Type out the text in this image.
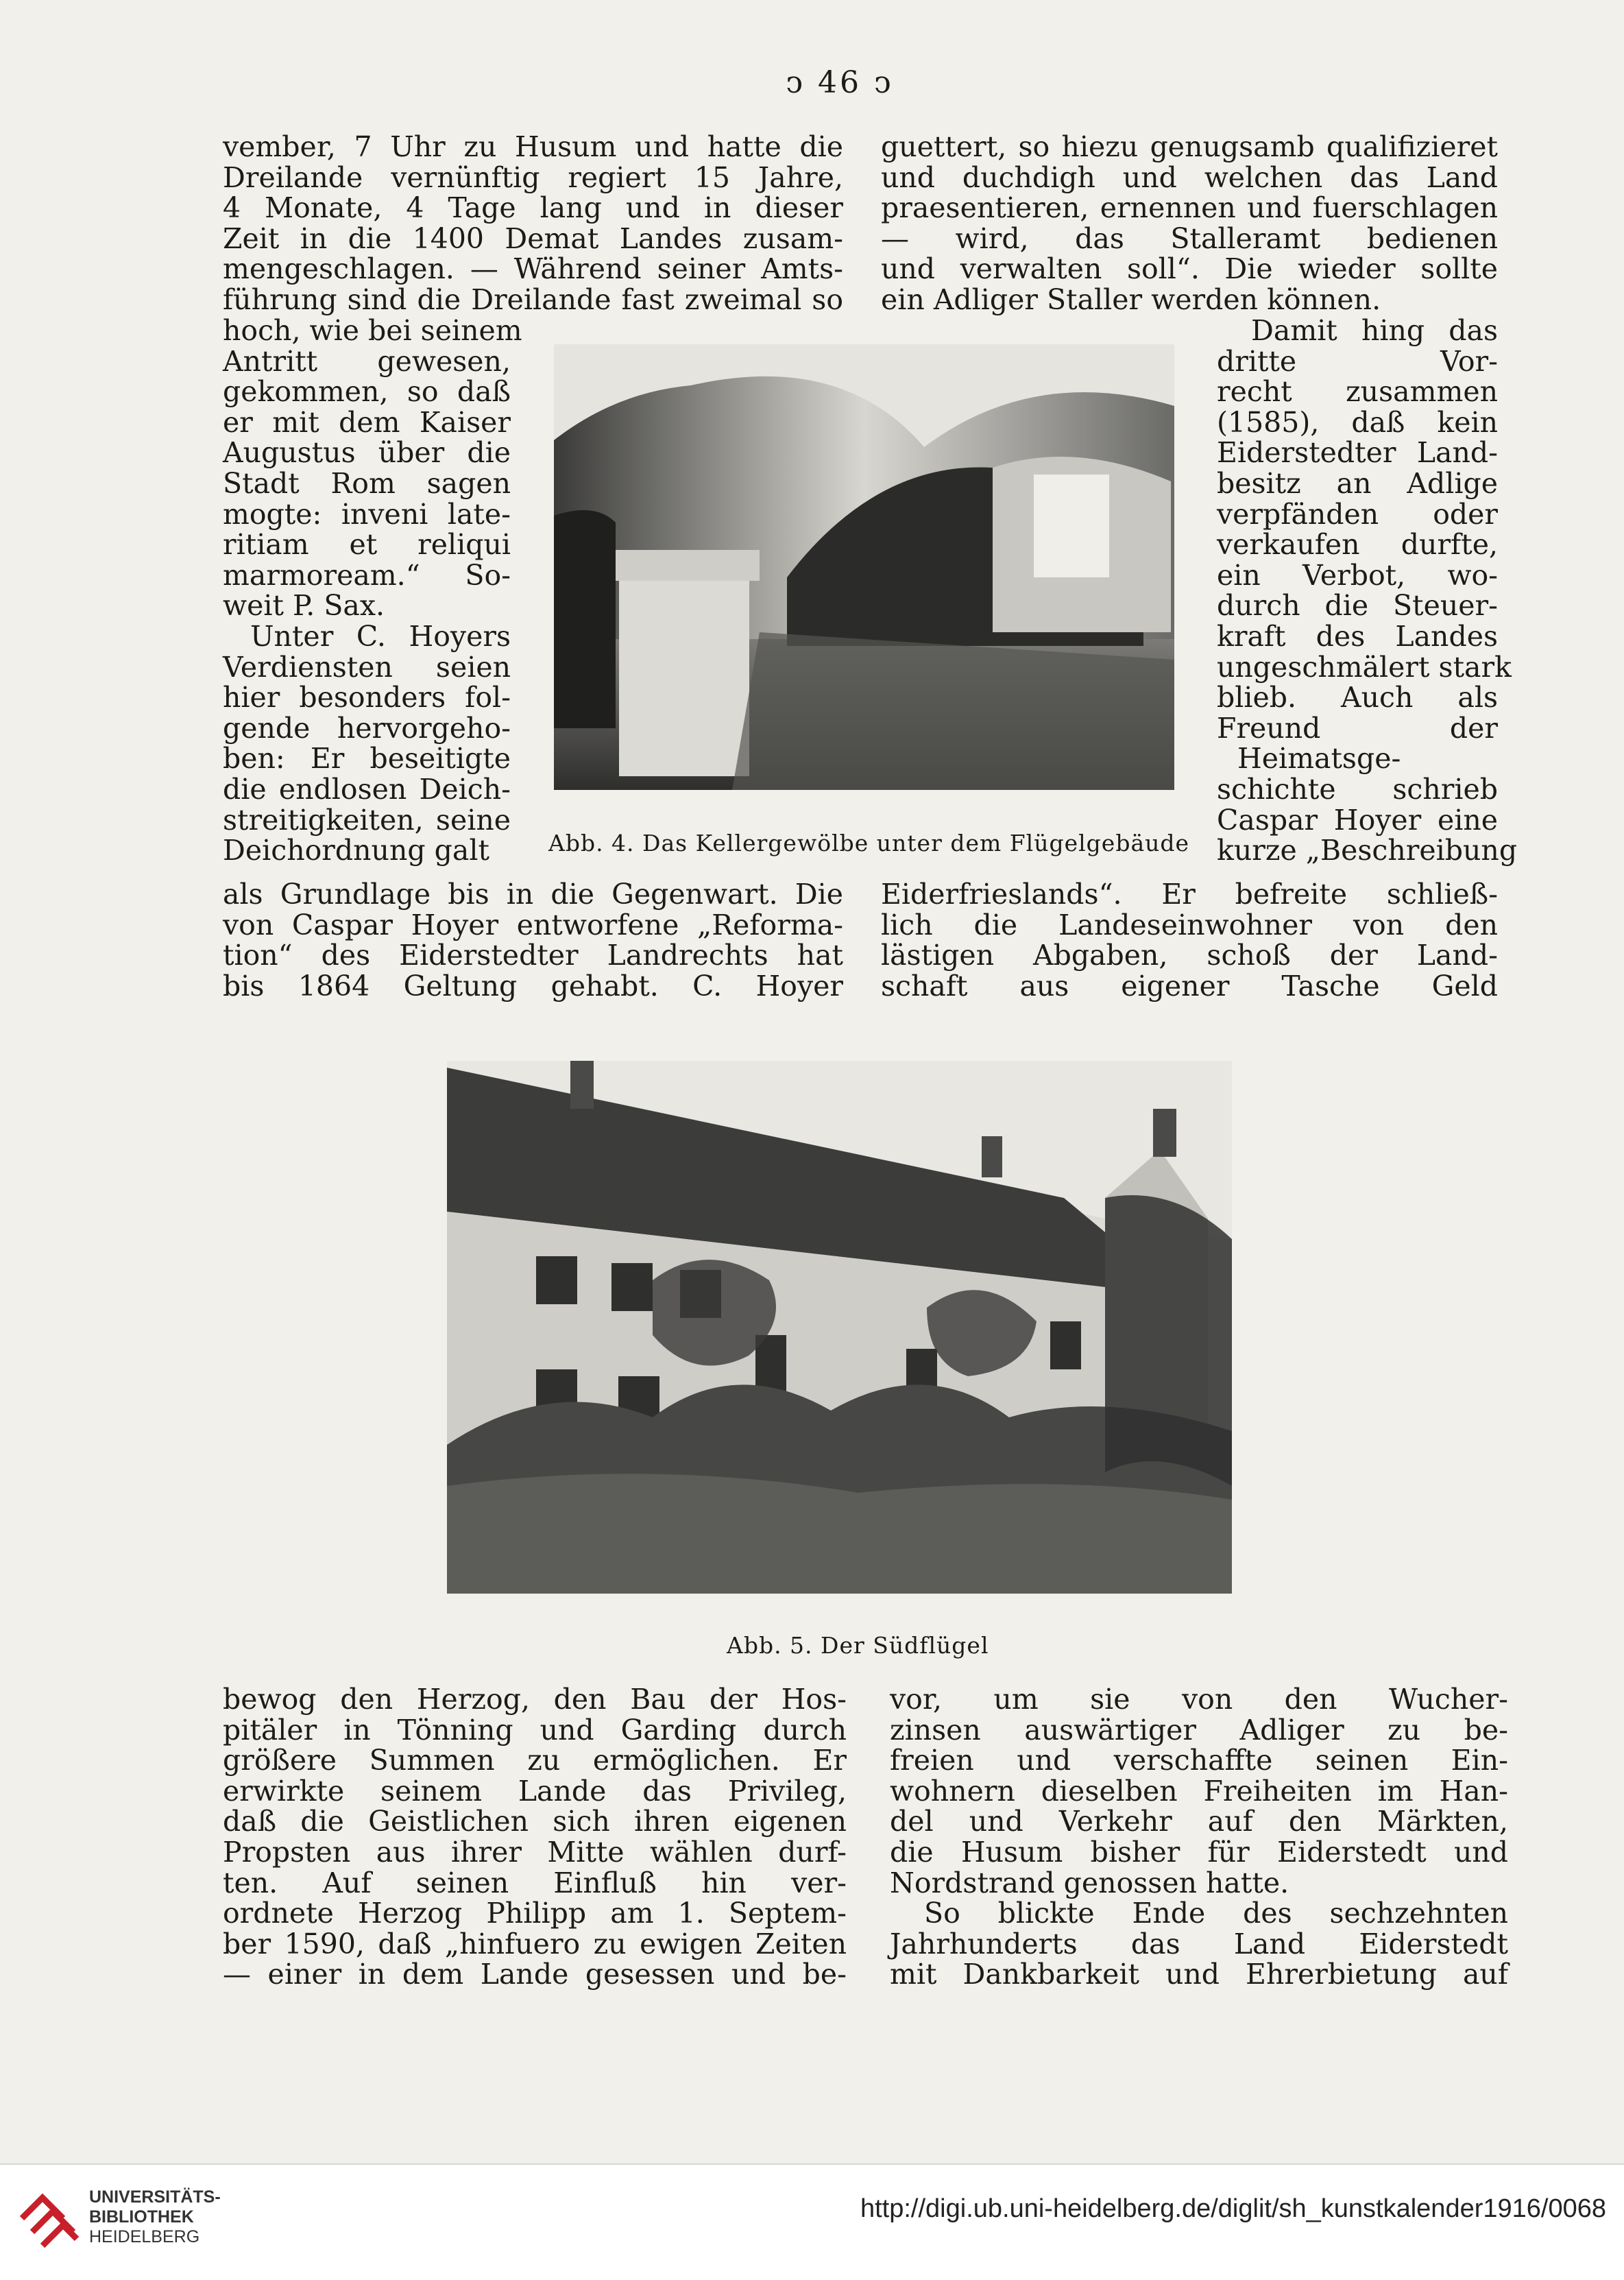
ↄ 46 ↄ

vember, 7 Uhr zu Husum und hatte die

Dreilande vernünftig regiert 15 Jahre,

4 Monate, 4 Tage lang und in dieser

Zeit in die 1400 Demat Landes zusam-

mengeschlagen. — Während seiner Amts-

führung sind die Dreilande fast zweimal so

hoch, wie bei seinem

Antritt gewesen,

gekommen, so daß

er mit dem Kaiser

Augustus über die

Stadt Rom sagen

mogte: inveni late-

ritiam et reliqui

marmoream.“ So-

weit P. Sax.

Unter C. Hoyers

Verdiensten seien

hier besonders fol-

gende hervorgeho-

ben: Er beseitigte

die endlosen Deich-

streitigkeiten, seine

Deichordnung galt

als Grundlage bis in die Gegenwart. Die

von Caspar Hoyer entworfene „Reforma-

tion“ des Eiderstedter Landrechts hat

bis 1864 Geltung gehabt. C. Hoyer

guettert, so hiezu genugsamb qualifizieret

und duchdigh und welchen das Land

praesentieren, ernennen und fuerschlagen

— wird, das Stalleramt bedienen

und verwalten soll“. Die wieder sollte

ein Adliger Staller werden können.

Damit hing das

dritte Vor-

recht zusammen

(1585), daß kein

Eiderstedter Land-

besitz an Adlige

verpfänden oder

verkaufen durfte,

ein Verbot, wo-

durch die Steuer-

kraft des Landes

ungeschmälert stark

blieb. Auch als

Freund der

Heimatsge-

schichte schrieb

Caspar Hoyer eine

kurze „Beschreibung

Eiderfrieslands“. Er befreite schließ-

lich die Landeseinwohner von den

lästigen Abgaben, schoß der Land-

schaft aus eigener Tasche Geld

Abb. 4. Das Kellergewölbe unter dem Flügelgebäude
Abb. 5. Der Südflügel

bewog den Herzog, den Bau der Hos-

pitäler in Tönning und Garding durch

größere Summen zu ermöglichen. Er

erwirkte seinem Lande das Privileg,

daß die Geistlichen sich ihren eigenen

Propsten aus ihrer Mitte wählen durf-

ten. Auf seinen Einfluß hin ver-

ordnete Herzog Philipp am 1. Septem-

ber 1590, daß „hinfuero zu ewigen Zeiten

— einer in dem Lande gesessen und be-

vor, um sie von den Wucher-

zinsen auswärtiger Adliger zu be-

freien und verschaffte seinen Ein-

wohnern dieselben Freiheiten im Han-

del und Verkehr auf den Märkten,

die Husum bisher für Eiderstedt und

Nordstrand genossen hatte.

So blickte Ende des sechzehnten

Jahrhunderts das Land Eiderstedt

mit Dankbarkeit und Ehrerbietung auf

UNIVERSITÄTS-
BIBLIOTHEK
HEIDELBERG
http://digi.ub.uni-heidelberg.de/diglit/sh_kunstkalender1916/0068
